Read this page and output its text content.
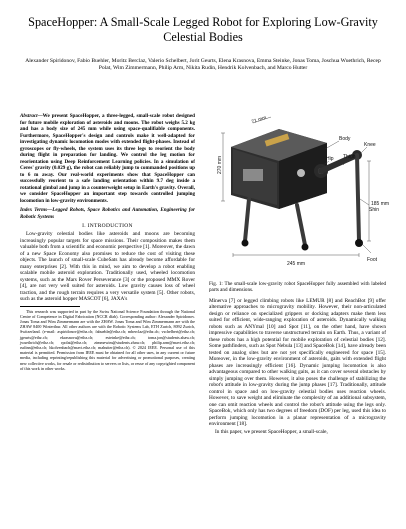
SpaceHopper: A Small-Scale Legged Robot for Exploring Low-Gravity Celestial Bodies
Alexander Spiridonov, Fabio Buehler, Moritz Berclaz, Valerio Schelbert, Jorit Geurts, Elena Krasnova, Emma Steinke, Jonas Toma, Joschua Wuethrich, Recep Polat, Wim Zimmermann, Philip Arm, Nikita Rudin, Hendrik Kolvenbach, and Marco Hutter

Abstract—We present SpaceHopper, a three-legged, small-scale robot designed for future mobile exploration of asteroids and moons. The robot weighs 5.2 kg and has a body size of 245 mm while using space-qualifiable components. Furthermore, SpaceHopper's design and controls make it well-adapted for investigating dynamic locomotion modes with extended flight-phases. Instead of gyroscopes or fly-wheels, the system uses its three legs to reorient the body during flight in preparation for landing. We control the leg motion for reorientation using Deep Reinforcement Learning policies. In a simulation of Ceres' gravity (0.029 g), the robot can reliably jump to commanded positions up to 6 m away. Our real-world experiments show that SpaceHopper can successfully reorient to a safe landing orientation within 9.7 deg inside a rotational gimbal and jump in a counterweight setup in Earth's gravity. Overall, we consider SpaceHopper an important step towards controlled jumping locomotion in low-gravity environments.

Index Terms—Legged Robots, Space Robotics and Automation, Engineering for Robotic Systems

I. INTRODUCTION

Low-gravity celestial bodies like asteroids and moons are becoming increasingly popular targets for space missions. Their composition makes them valuable both from a scientific and economic perspective [1]. Moreover, the dawn of a new Space Economy also promises to reduce the cost of visiting these objects. The launch of small-scale CubeSats has already become affordable for many enterprises [2]. With this in mind, we aim to develop a robot enabling scalable mobile asteroid exploration. Traditionally used, wheeled locomotion systems, such as the Mars Rover Perseverance [3] or the proposed MMX Rover [4], are not very well suited for asteroids. Low gravity causes loss of wheel traction, and the rough terrain requires a very versatile system [5]. Other robots, such as the asteroid hopper MASCOT [6], JAXA's

This research was supported in part by the Swiss National Science Foundation through the National Centre of Competence in Digital Fabrication (NCCR dfab). Corresponding author: Alexander Spiridonov. Jonas Toma and Wim Zimmermann are with the ZHAW. Jonas Toma and Wim Zimmermann are with the ZHAW 8400 Winterthur. All other authors are with the Robotic Systems Lab, ETH Zurich, 8092 Zurich, Switzerland. (e-mail: aspiridonov@ethz.ch; fabuehle@ethz.ch; mberclaz@ethz.ch; vschelbert@ethz.ch; jgeurts@ethz.ch; ekrasnova@ethz.ch; esteinke@ethz.ch; toma.jon@students.zhaw.ch; jwuethrich@ethz.ch; rpolat@ethz.ch; zimmewim@students.zhaw.ch; philip.arm@mavt.ethz.ch; rudinn@ethz.ch; hkolvenbach@mavt.ethz.ch; mahutter@ethz.ch). © 2024 IEEE. Personal use of this material is permitted. Permission from IEEE must be obtained for all other uses, in any current or future media, including reprinting/republishing this material for advertising or promotional purposes, creating new collective works, for resale or redistribution to servers or lists, or reuse of any copyrighted component of this work in other works.

Body
Hip Thigh
Knee
Shin
Foot
270 mm
245 mm
185 mm
71 mm

Fig. 1: The small-scale low-gravity robot SpaceHopper fully assembled with labeled parts and dimensions.

Minerva [7] or legged climbing robots like LEMUR [8] and ReachBot [9] offer alternative approaches to microgravity mobility. However, their non-articulated design or reliance on specialized grippers or docking adapters make them less suited for efficient, wide-ranging exploration of asteroids. Dynamically walking robots such as ANYmal [10] and Spot [11], on the other hand, have shown impressive capabilities to traverse unstructured terrain on Earth. Thus, a variant of these robots has a high potential for mobile exploration of celestial bodies [12]. Some pathfinders, such as Spot Nebula [13] and SpaceBok [14], have already been tested on analog sites but are not yet specifically engineered for space [15]. Moreover, in the low-gravity environment of asteroids, gaits with extended flight phases are increasingly efficient [16]. Dynamic jumping locomotion is also advantageous compared to other walking gaits, as it can cover several obstacles by simply jumping over them. However, it also poses the challenge of stabilizing the robot's attitude in low-gravity during the jump phases [17]. Traditionally, attitude control in space and on low-gravity celestial bodies uses reaction wheels. However, to save weight and eliminate the complexity of an additional subsystem, one can omit reaction wheels and control the robot's attitude using the legs only. SpaceBok, which only has two degrees of freedom (DOF) per leg, used this idea to perform jumping locomotion in a planar representation of a microgravity environment [18].

In this paper, we present SpaceHopper, a small-scale,
